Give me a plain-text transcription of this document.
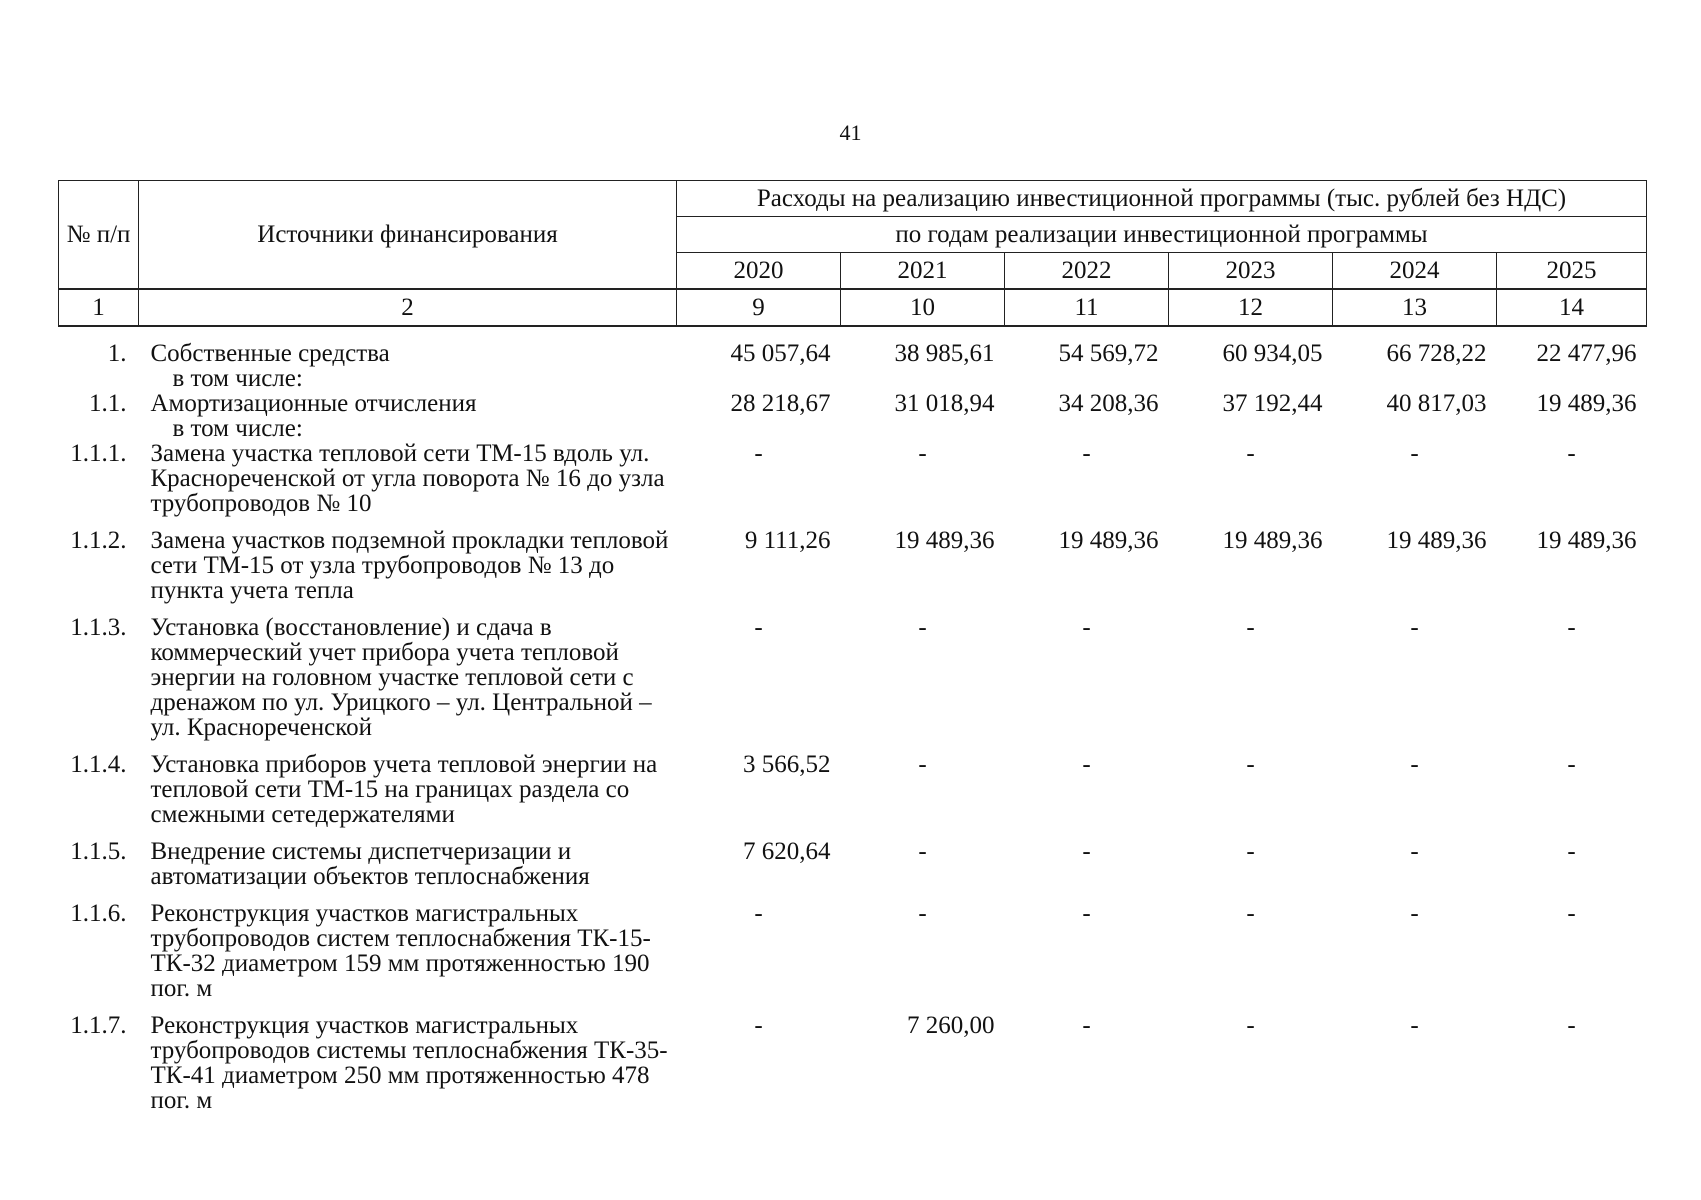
41
№ п/п	Источники финансирования	Расходы на реализацию инвестиционной программы (тыс. рублей без НДС)					
		по годам реализации инвестиционной программы					
		2020	2021	2022	2023	2024	2025
1	2	9	10	11	12	13	14
1.	Собственные средства	45 057,64	38 985,61	54 569,72	60 934,05	66 728,22	22 477,96
	в том числе:						
1.1.	Амортизационные отчисления	28 218,67	31 018,94	34 208,36	37 192,44	40 817,03	19 489,36
	в том числе:						
1.1.1.	Замена участка тепловой сети ТМ-15 вдоль ул. Краснореченской от угла поворота № 16 до узла трубопроводов № 10	-	-	-	-	-	-
1.1.2.	Замена участков подземной прокладки тепловой сети ТМ-15 от узла трубопроводов № 13 до пункта учета тепла	9 111,26	19 489,36	19 489,36	19 489,36	19 489,36	19 489,36
1.1.3.	Установка (восстановление) и сдача в коммерческий учет прибора учета тепловой энергии на головном участке тепловой сети с дренажом по ул. Урицкого – ул. Центральной – ул. Краснореченской	-	-	-	-	-	-
1.1.4.	Установка приборов учета тепловой энергии на тепловой сети ТМ-15 на границах раздела со смежными сетедержателями	3 566,52	-	-	-	-	-
1.1.5.	Внедрение системы диспетчеризации и автоматизации объектов теплоснабжения	7 620,64	-	-	-	-	-
1.1.6.	Реконструкция участков магистральных трубопроводов систем теплоснабжения ТК-15-ТК-32 диаметром 159 мм протяженностью 190 пог. м	-	-	-	-	-	-
1.1.7.	Реконструкция участков магистральных трубопроводов системы теплоснабжения ТК-35-ТК-41 диаметром 250 мм протяженностью 478 пог. м	-	7 260,00	-	-	-	-
